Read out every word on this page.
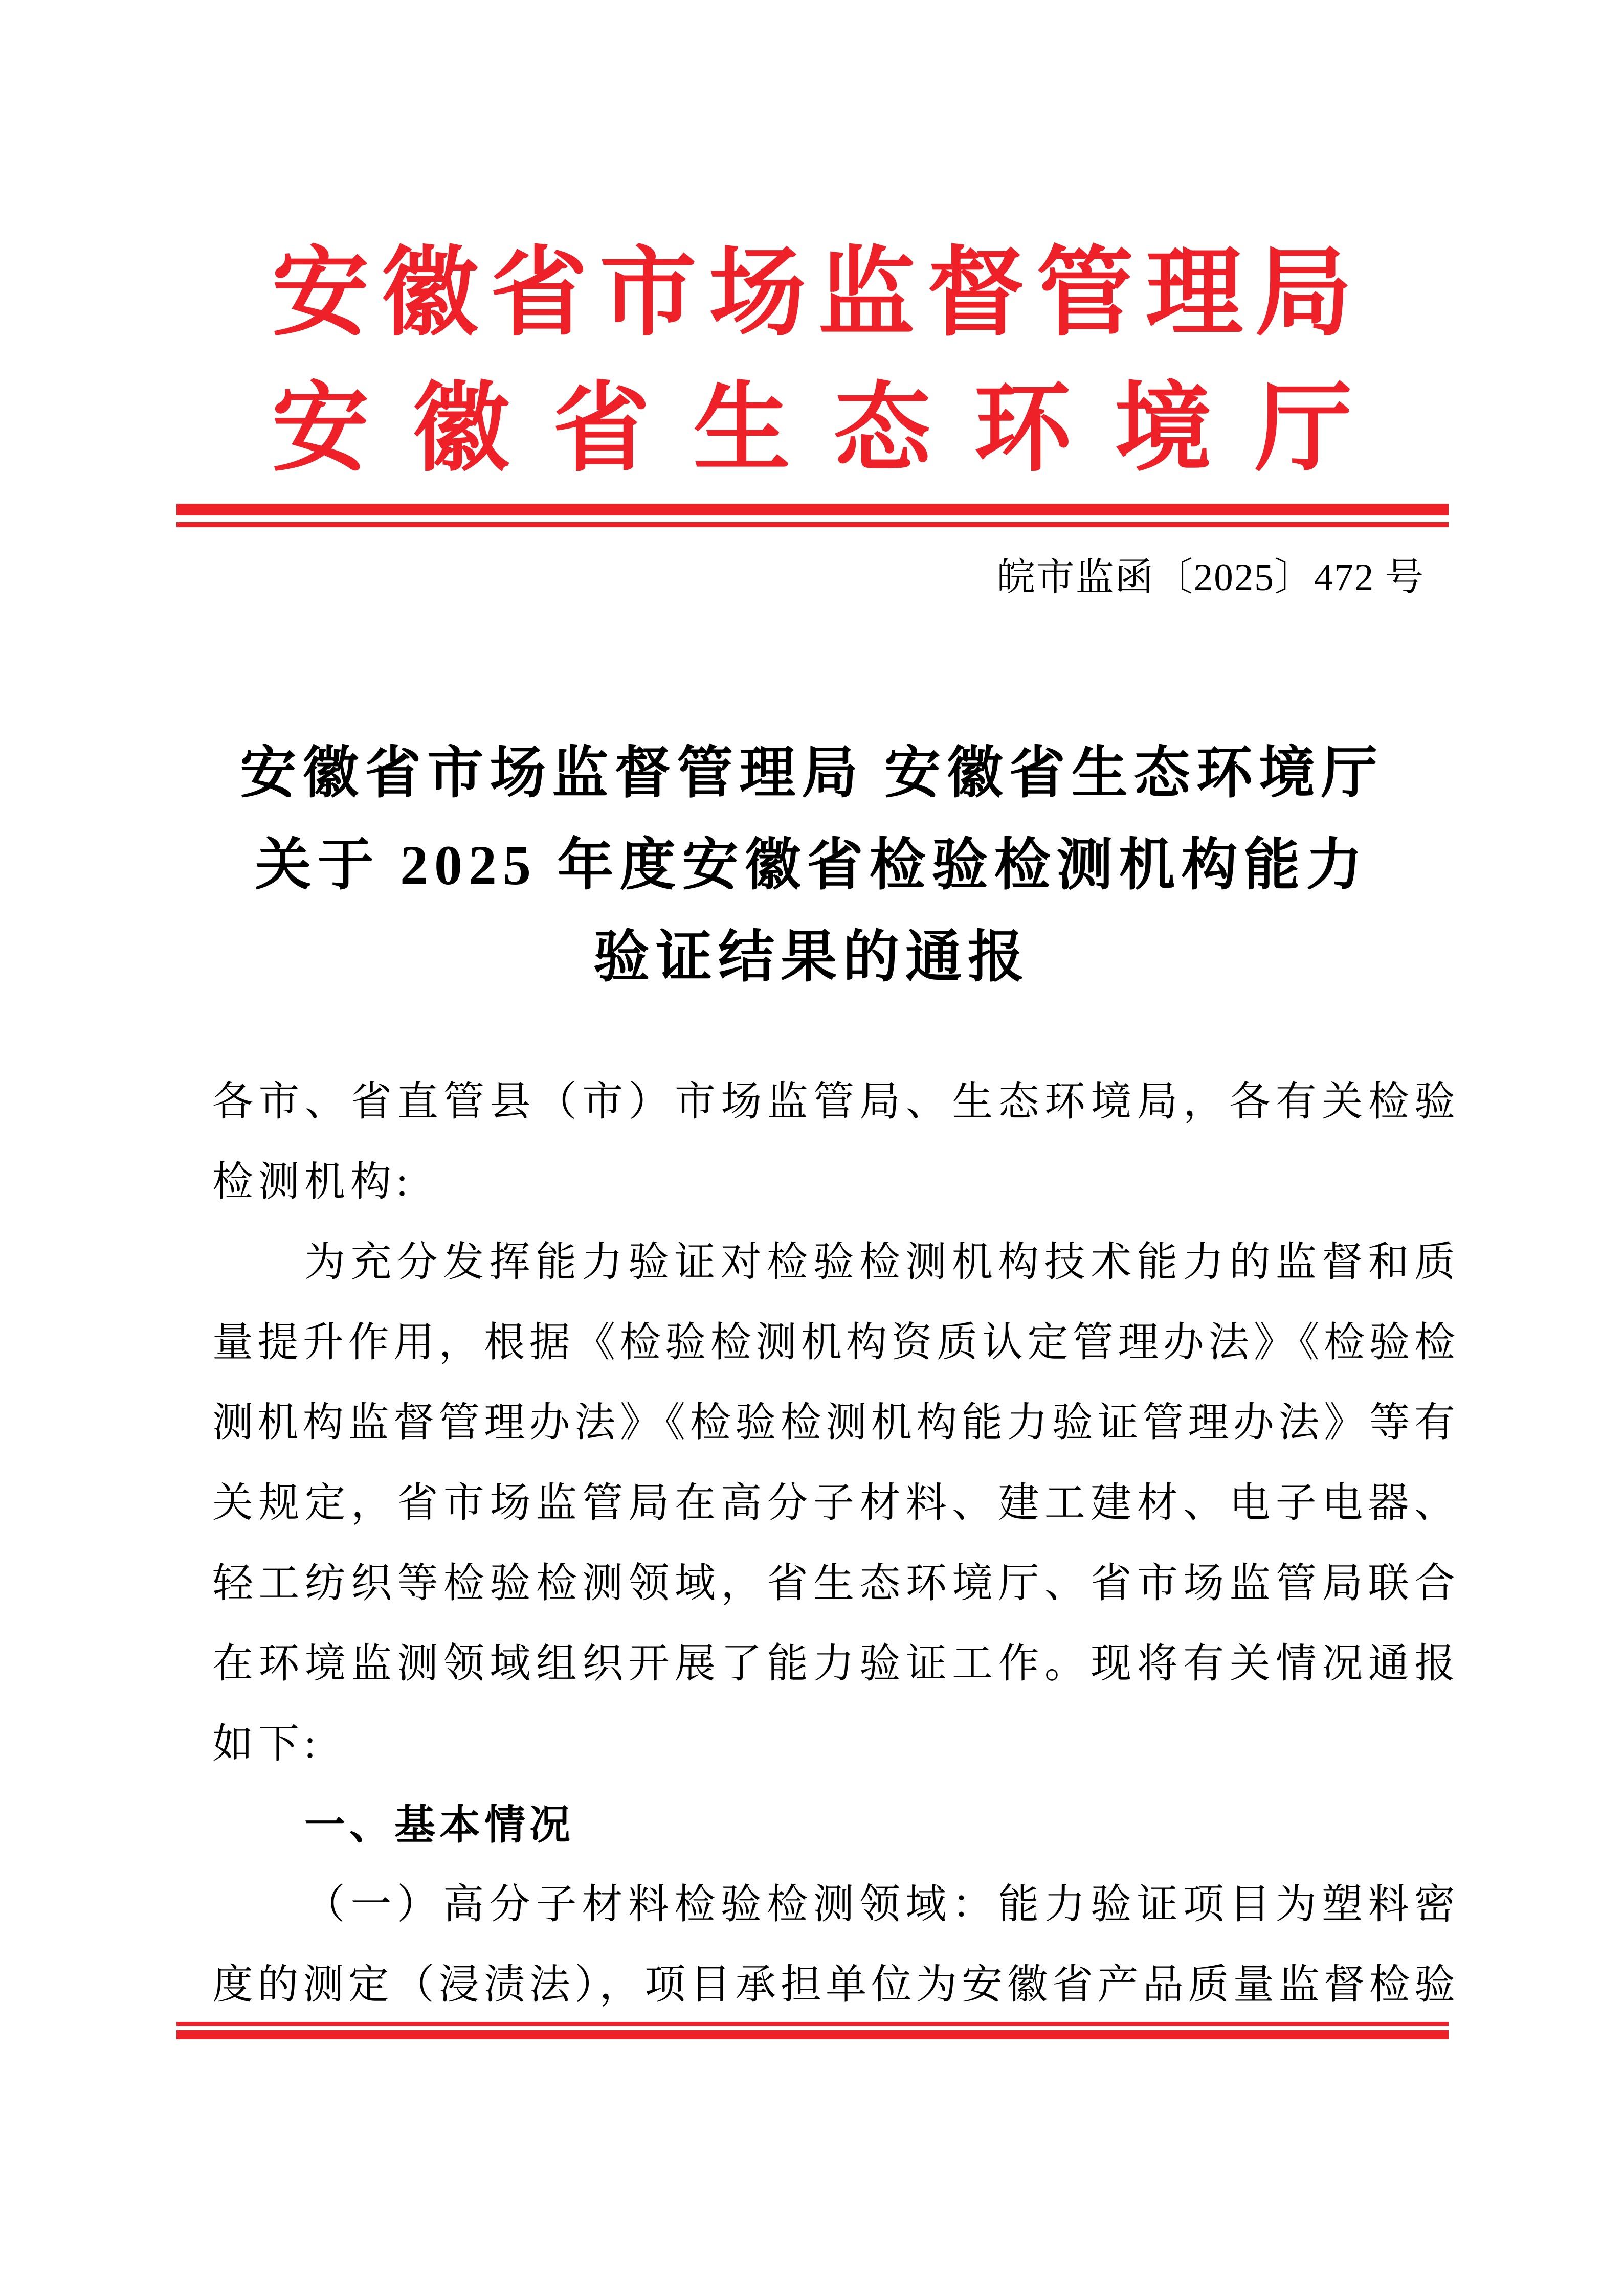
安徽省市场监督管理局
安徽省生态环境厅
皖市监函〔2025〕472 号
安徽省市场监督管理局 安徽省生态环境厅
关于 2025 年度安徽省检验检测机构能力
验证结果的通报
各市、省直管县（市）市场监管局、生态环境局，各有关检验
检测机构:
为充分发挥能力验证对检验检测机构技术能力的监督和质
量提升作用，根据《检验检测机构资质认定管理办法》《检验检
测机构监督管理办法》《检验检测机构能力验证管理办法》等有
关规定，省市场监管局在高分子材料、建工建材、电子电器、
轻工纺织等检验检测领域，省生态环境厅、省市场监管局联合
在环境监测领域组织开展了能力验证工作。现将有关情况通报
如下:
一、基本情况
（一）高分子材料检验检测领域：能力验证项目为塑料密
度的测定（浸渍法），项目承担单位为安徽省产品质量监督检验
